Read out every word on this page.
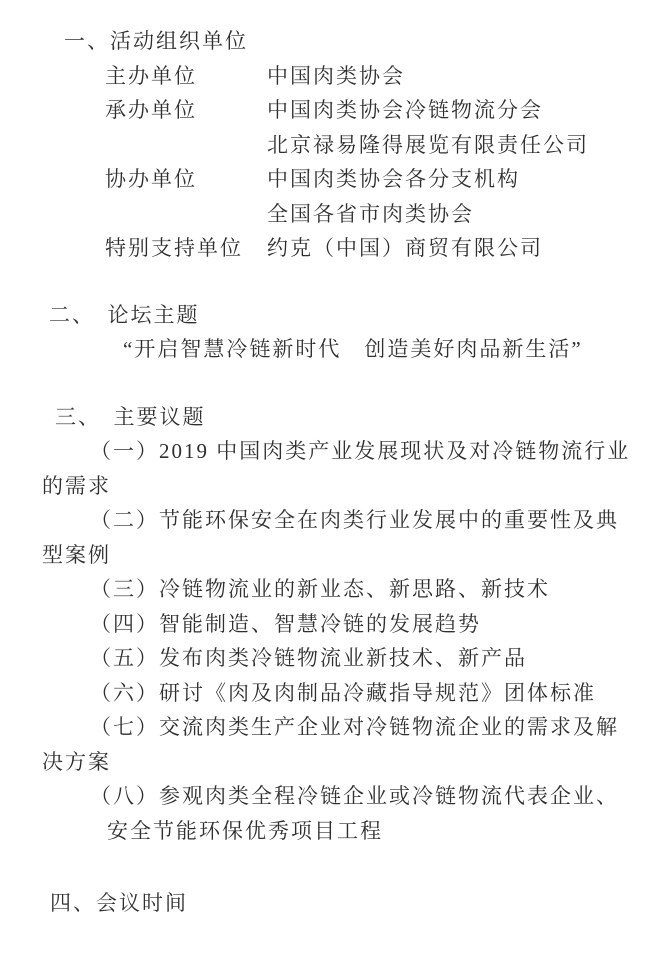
一、活动组织单位
主办单位	中国肉类协会
承办单位	中国肉类协会冷链物流分会
北京禄易隆得展览有限责任公司
协办单位	中国肉类协会各分支机构
全国各省市肉类协会
特别支持单位 约克（中国）商贸有限公司
二、　论坛主题
“开启智慧冷链新时代　创造美好肉品新生活”
三、　主要议题
（一）2019 中国肉类产业发展现状及对冷链物流行业
的需求
（二）节能环保安全在肉类行业发展中的重要性及典
型案例
（三）冷链物流业的新业态、新思路、新技术
（四）智能制造、智慧冷链的发展趋势
（五）发布肉类冷链物流业新技术、新产品
（六）研讨《肉及肉制品冷藏指导规范》团体标准
（七）交流肉类生产企业对冷链物流企业的需求及解
决方案
（八）参观肉类全程冷链企业或冷链物流代表企业、
安全节能环保优秀项目工程
四、会议时间
